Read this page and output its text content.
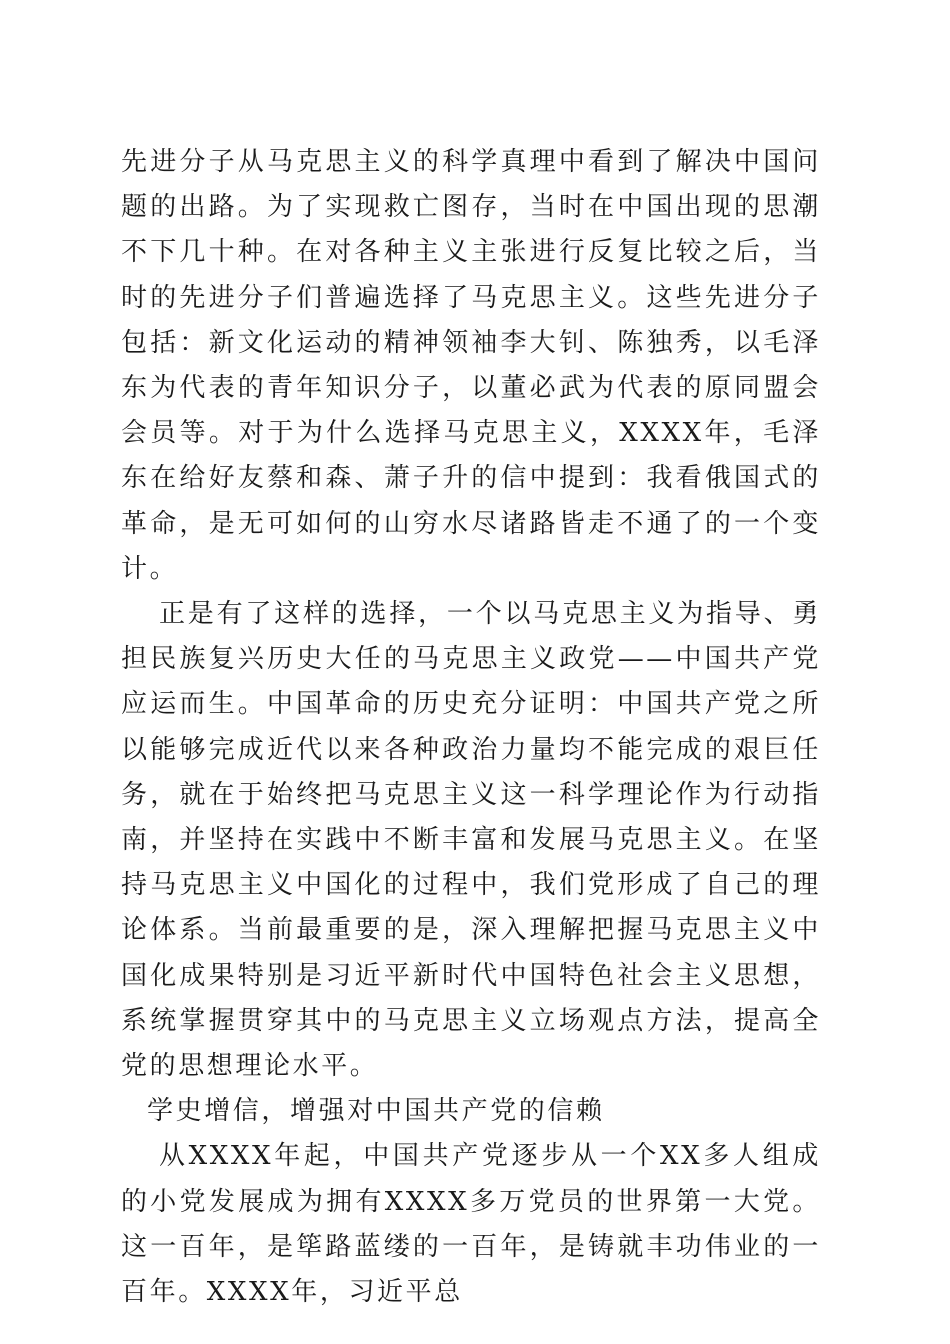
先进分子从马克思主义的科学真理中看到了解决中国问题的出路。为了实现救亡图存，当时在中国出现的思潮不下几十种。在对各种主义主张进行反复比较之后，当时的先进分子们普遍选择了马克思主义。这些先进分子包括：新文化运动的精神领袖李大钊、陈独秀，以毛泽东为代表的青年知识分子，以董必武为代表的原同盟会会员等。对于为什么选择马克思主义，XXXX年，毛泽东在给好友蔡和森、萧子升的信中提到：我看俄国式的革命，是无可如何的山穷水尽诸路皆走不通了的一个变计。

正是有了这样的选择，一个以马克思主义为指导、勇担民族复兴历史大任的马克思主义政党——中国共产党应运而生。中国革命的历史充分证明：中国共产党之所以能够完成近代以来各种政治力量均不能完成的艰巨任务，就在于始终把马克思主义这一科学理论作为行动指南，并坚持在实践中不断丰富和发展马克思主义。在坚持马克思主义中国化的过程中，我们党形成了自己的理论体系。当前最重要的是，深入理解把握马克思主义中国化成果特别是习近平新时代中国特色社会主义思想，系统掌握贯穿其中的马克思主义立场观点方法，提高全党的思想理论水平。

学史增信，增强对中国共产党的信赖

从XXXX年起，中国共产党逐步从一个XX多人组成的小党发展成为拥有XXXX多万党员的世界第一大党。这一百年，是筚路蓝缕的一百年，是铸就丰功伟业的一百年。XXXX年，习近平总
